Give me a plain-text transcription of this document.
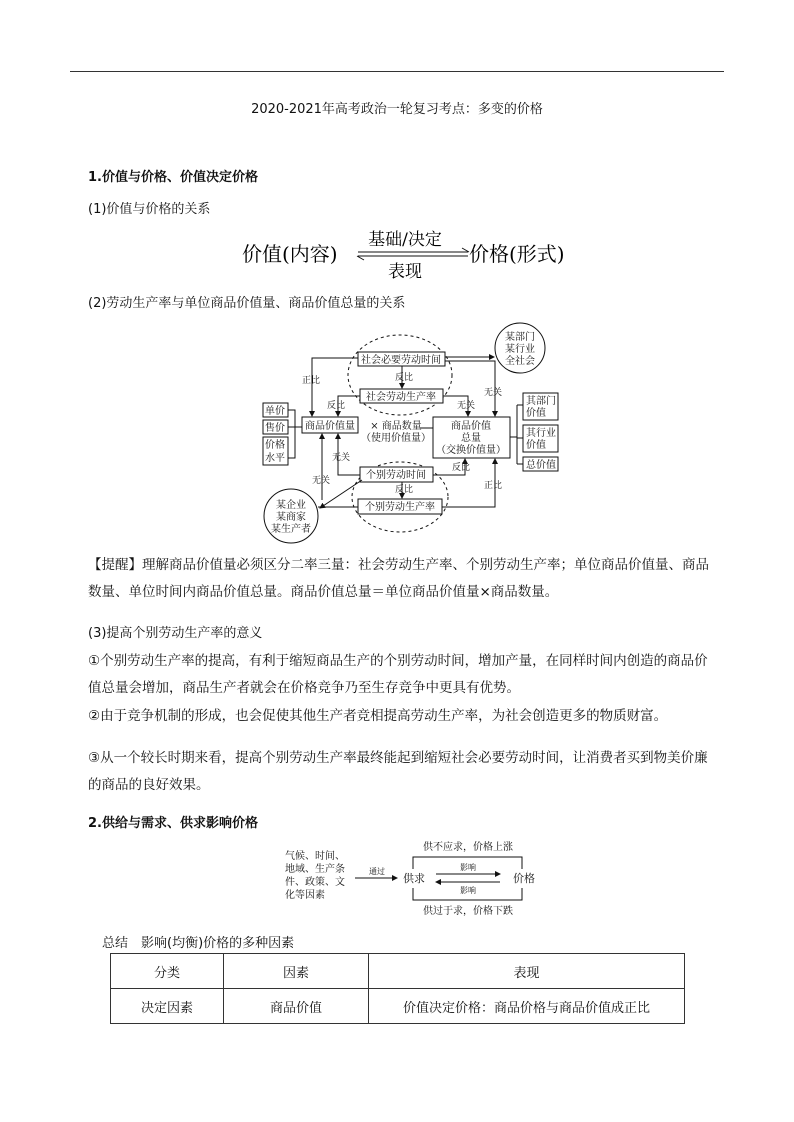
2020-2021年高考政治一轮复习考点：多变的价格
1.价值与价格、价值决定价格
(1)价值与价格的关系
价值(内容)
基础/决定
表现
价格(形式)
(2)劳动生产率与单位商品价值量、商品价值总量的关系
某部门
某行业
全社会
社会必要劳动时间
社会劳动生产率
单价
售价
价格
水平
商品价值量 × 商品数量
（使用价值量）
商品价值
总量
（交换价值量）
其部门
价值
其行业
价值
总价值
个别劳动时间
个别劳动生产率
某企业
某商家
某生产者
正比	反比
无关
反比	无关
无关
无关
反比
反比	正比
【提醒】理解商品价值量必须区分二率三量：社会劳动生产率、个别劳动生产率；单位商品价值量、商品数量、单位时间内商品价值总量。商品价值总量＝单位商品价值量×商品数量。
(3)提高个别劳动生产率的意义
①个别劳动生产率的提高，有利于缩短商品生产的个别劳动时间，增加产量，在同样时间内创造的商品价值总量会增加，商品生产者就会在价格竞争乃至生存竞争中更具有优势。
②由于竞争机制的形成，也会促使其他生产者竞相提高劳动生产率，为社会创造更多的物质财富。
③从一个较长时期来看，提高个别劳动生产率最终能起到缩短社会必要劳动时间，让消费者买到物美价廉的商品的良好效果。
2.供给与需求、供求影响价格
气候、时间、
地域、生产条
件、政策、文
化等因素
通过
供求	价格
供不应求，价格上涨
供过于求，价格下跌
影响
影响
总结　影响(均衡)价格的多种因素
分类	因素	表现
决定因素	商品价值	价值决定价格：商品价格与商品价值成正比
